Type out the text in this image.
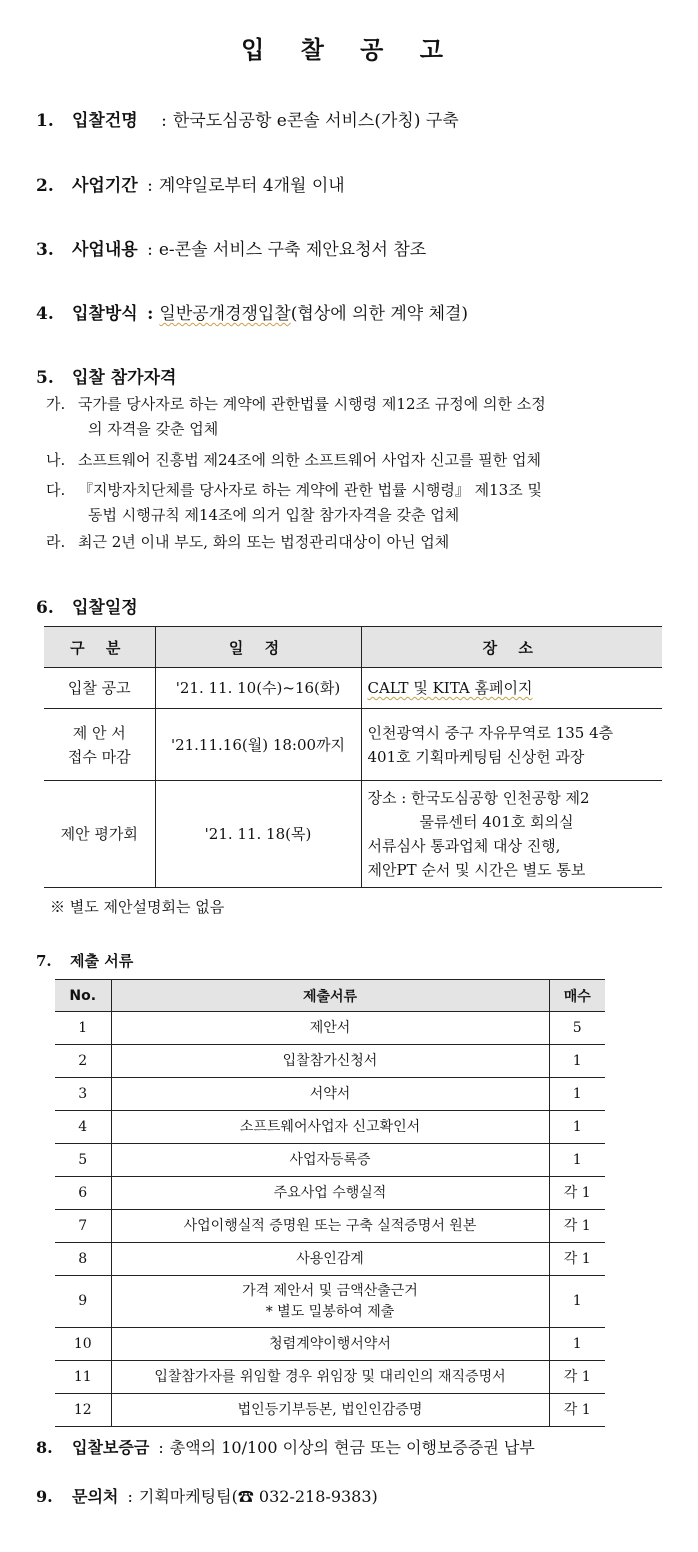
입 찰 공 고
1. 입찰건명 : 한국도심공항 e콘솔 서비스(가칭) 구축
2. 사업기간 : 계약일로부터 4개월 이내
3. 사업내용 : e-콘솔 서비스 구축 제안요청서 참조
4. 입찰방식 : 일반공개경쟁입찰(협상에 의한 계약 체결)
5. 입찰 참가자격
가. 국가를 당사자로 하는 계약에 관한법률 시행령 제12조 규정에 의한 소정
의 자격을 갖춘 업체
나. 소프트웨어 진흥법 제24조에 의한 소프트웨어 사업자 신고를 필한 업체
다. 『지방자치단체를 당사자로 하는 계약에 관한 법률 시행령』 제13조 및
동법 시행규칙 제14조에 의거 입찰 참가자격을 갖춘 업체
라. 최근 2년 이내 부도, 화의 또는 법정관리대상이 아닌 업체
6. 입찰일정
구 분	일 정	장 소
입찰 공고	'21. 11. 10(수)~16(화)	CALT 및 KITA 홈페이지
제 안 서
접수 마감	'21.11.16(월) 18:00까지	인천광역시 중구 자유무역로 135 4층
401호 기획마케팅팀 신상헌 과장
제안 평가회	'21. 11. 18(목)	장소 : 한국도심공항 인천공항 제2
물류센터 401호 회의실
서류심사 통과업체 대상 진행,
제안PT 순서 및 시간은 별도 통보
※ 별도 제안설명회는 없음
7. 제출 서류
No.	제출서류	매수
1	제안서	5
2	입찰참가신청서	1
3	서약서	1
4	소프트웨어사업자 신고확인서	1
5	사업자등록증	1
6	주요사업 수행실적	각 1
7	사업이행실적 증명원 또는 구축 실적증명서 원본	각 1
8	사용인감계	각 1
9	가격 제안서 및 금액산출근거
* 별도 밀봉하여 제출	1
10	청렴계약이행서약서	1
11	입찰참가자를 위임할 경우 위임장 및 대리인의 재직증명서	각 1
12	법인등기부등본, 법인인감증명	각 1
8. 입찰보증금 : 총액의 10/100 이상의 현금 또는 이행보증증권 납부
9. 문의처 : 기획마케팅팀(☎ 032-218-9383)
